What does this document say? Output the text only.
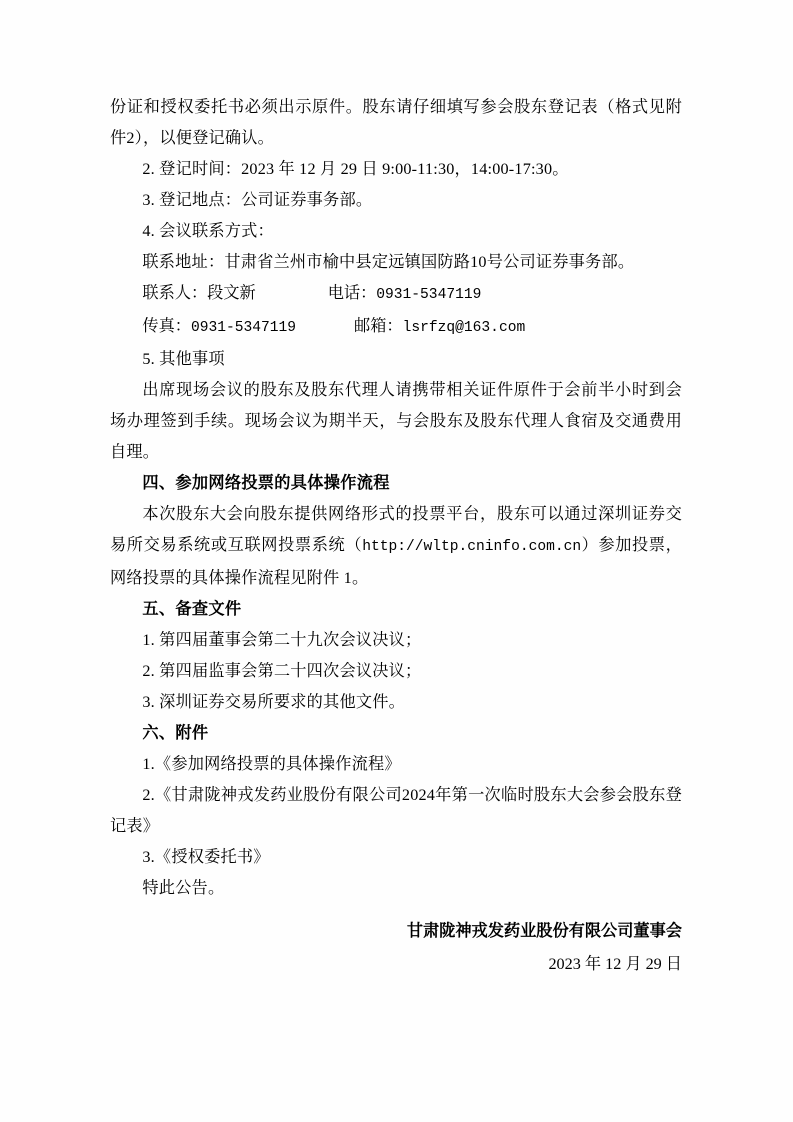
份证和授权委托书必须出示原件。股东请仔细填写参会股东登记表（格式见附件2），以便登记确认。

2. 登记时间：2023 年 12 月 29 日 9:00-11:30，14:00-17:30。

3. 登记地点：公司证券事务部。

4. 会议联系方式：

联系地址：甘肃省兰州市榆中县定远镇国防路10号公司证券事务部。

联系人：段文新	电话：0931-5347119

传真：0931-5347119	邮箱：lsrfzq@163.com

5. 其他事项

出席现场会议的股东及股东代理人请携带相关证件原件于会前半小时到会场办理签到手续。现场会议为期半天，与会股东及股东代理人食宿及交通费用自理。

四、参加网络投票的具体操作流程

本次股东大会向股东提供网络形式的投票平台，股东可以通过深圳证券交易所交易系统或互联网投票系统（http://wltp.cninfo.com.cn）参加投票，网络投票的具体操作流程见附件 1。

五、备查文件

1. 第四届董事会第二十九次会议决议；

2. 第四届监事会第二十四次会议决议；

3. 深圳证券交易所要求的其他文件。

六、附件

1.《参加网络投票的具体操作流程》

2.《甘肃陇神戎发药业股份有限公司2024年第一次临时股东大会参会股东登记表》

3.《授权委托书》

特此公告。

甘肃陇神戎发药业股份有限公司董事会
2023 年 12 月 29 日
